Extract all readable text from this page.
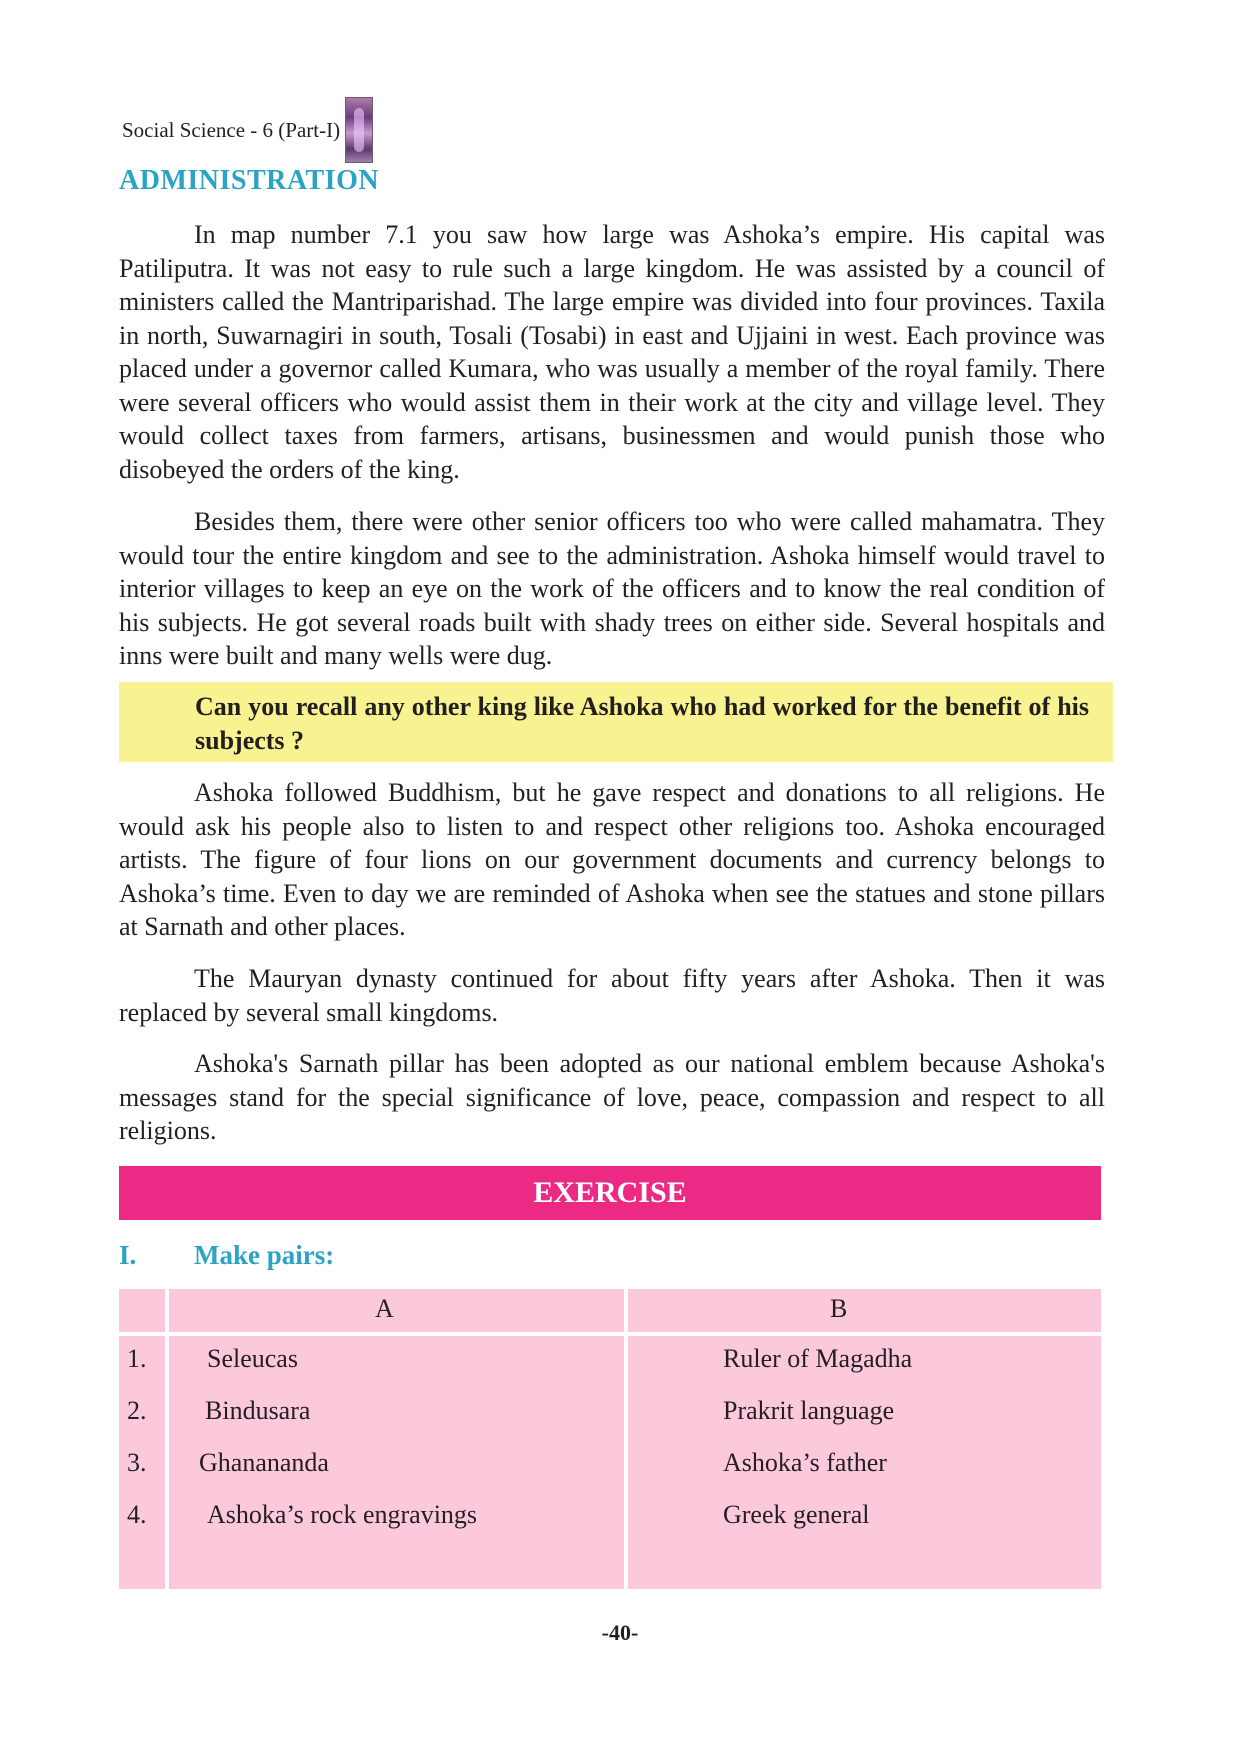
Social Science - 6 (Part-I)
ADMINISTRATION

In map number 7.1 you saw how large was Ashoka’s empire. His capital was Patiliputra. It was not easy to rule such a large kingdom. He was assisted by a council of ministers called the Mantriparishad. The large empire was divided into four provinces. Taxila in north, Suwarnagiri in south, Tosali (Tosabi) in east and Ujjaini in west. Each province was placed under a governor called Kumara, who was usually a member of the royal family. There were several officers who would assist them in their work at the city and village level. They would collect taxes from farmers, artisans, businessmen and would punish those who disobeyed the orders of the king.

Besides them, there were other senior officers too who were called mahamatra. They would tour the entire kingdom and see to the administration. Ashoka himself would travel to interior villages to keep an eye on the work of the officers and to know the real condition of his subjects. He got several roads built with shady trees on either side. Several hospitals and inns were built and many wells were dug.

Can you recall any other king like Ashoka who had worked for the benefit of his subjects ?

Ashoka followed Buddhism, but he gave respect and donations to all religions. He would ask his people also to listen to and respect other religions too. Ashoka encouraged artists. The figure of four lions on our government documents and currency belongs to Ashoka’s time. Even to day we are reminded of Ashoka when see the statues and stone pillars at Sarnath and other places.

The Mauryan dynasty continued for about fifty years after Ashoka. Then it was replaced by several small kingdoms.

Ashoka's Sarnath pillar has been adopted as our national emblem because Ashoka's messages stand for the special significance of love, peace, compassion and respect to all religions.

EXERCISE
I. Make pairs:
A	B
1. Seleucas	Ruler of Magadha
2. Bindusara	Prakrit language
3. Ghanananda	Ashoka’s father
4. Ashoka’s rock engravings	Greek general
-40-
